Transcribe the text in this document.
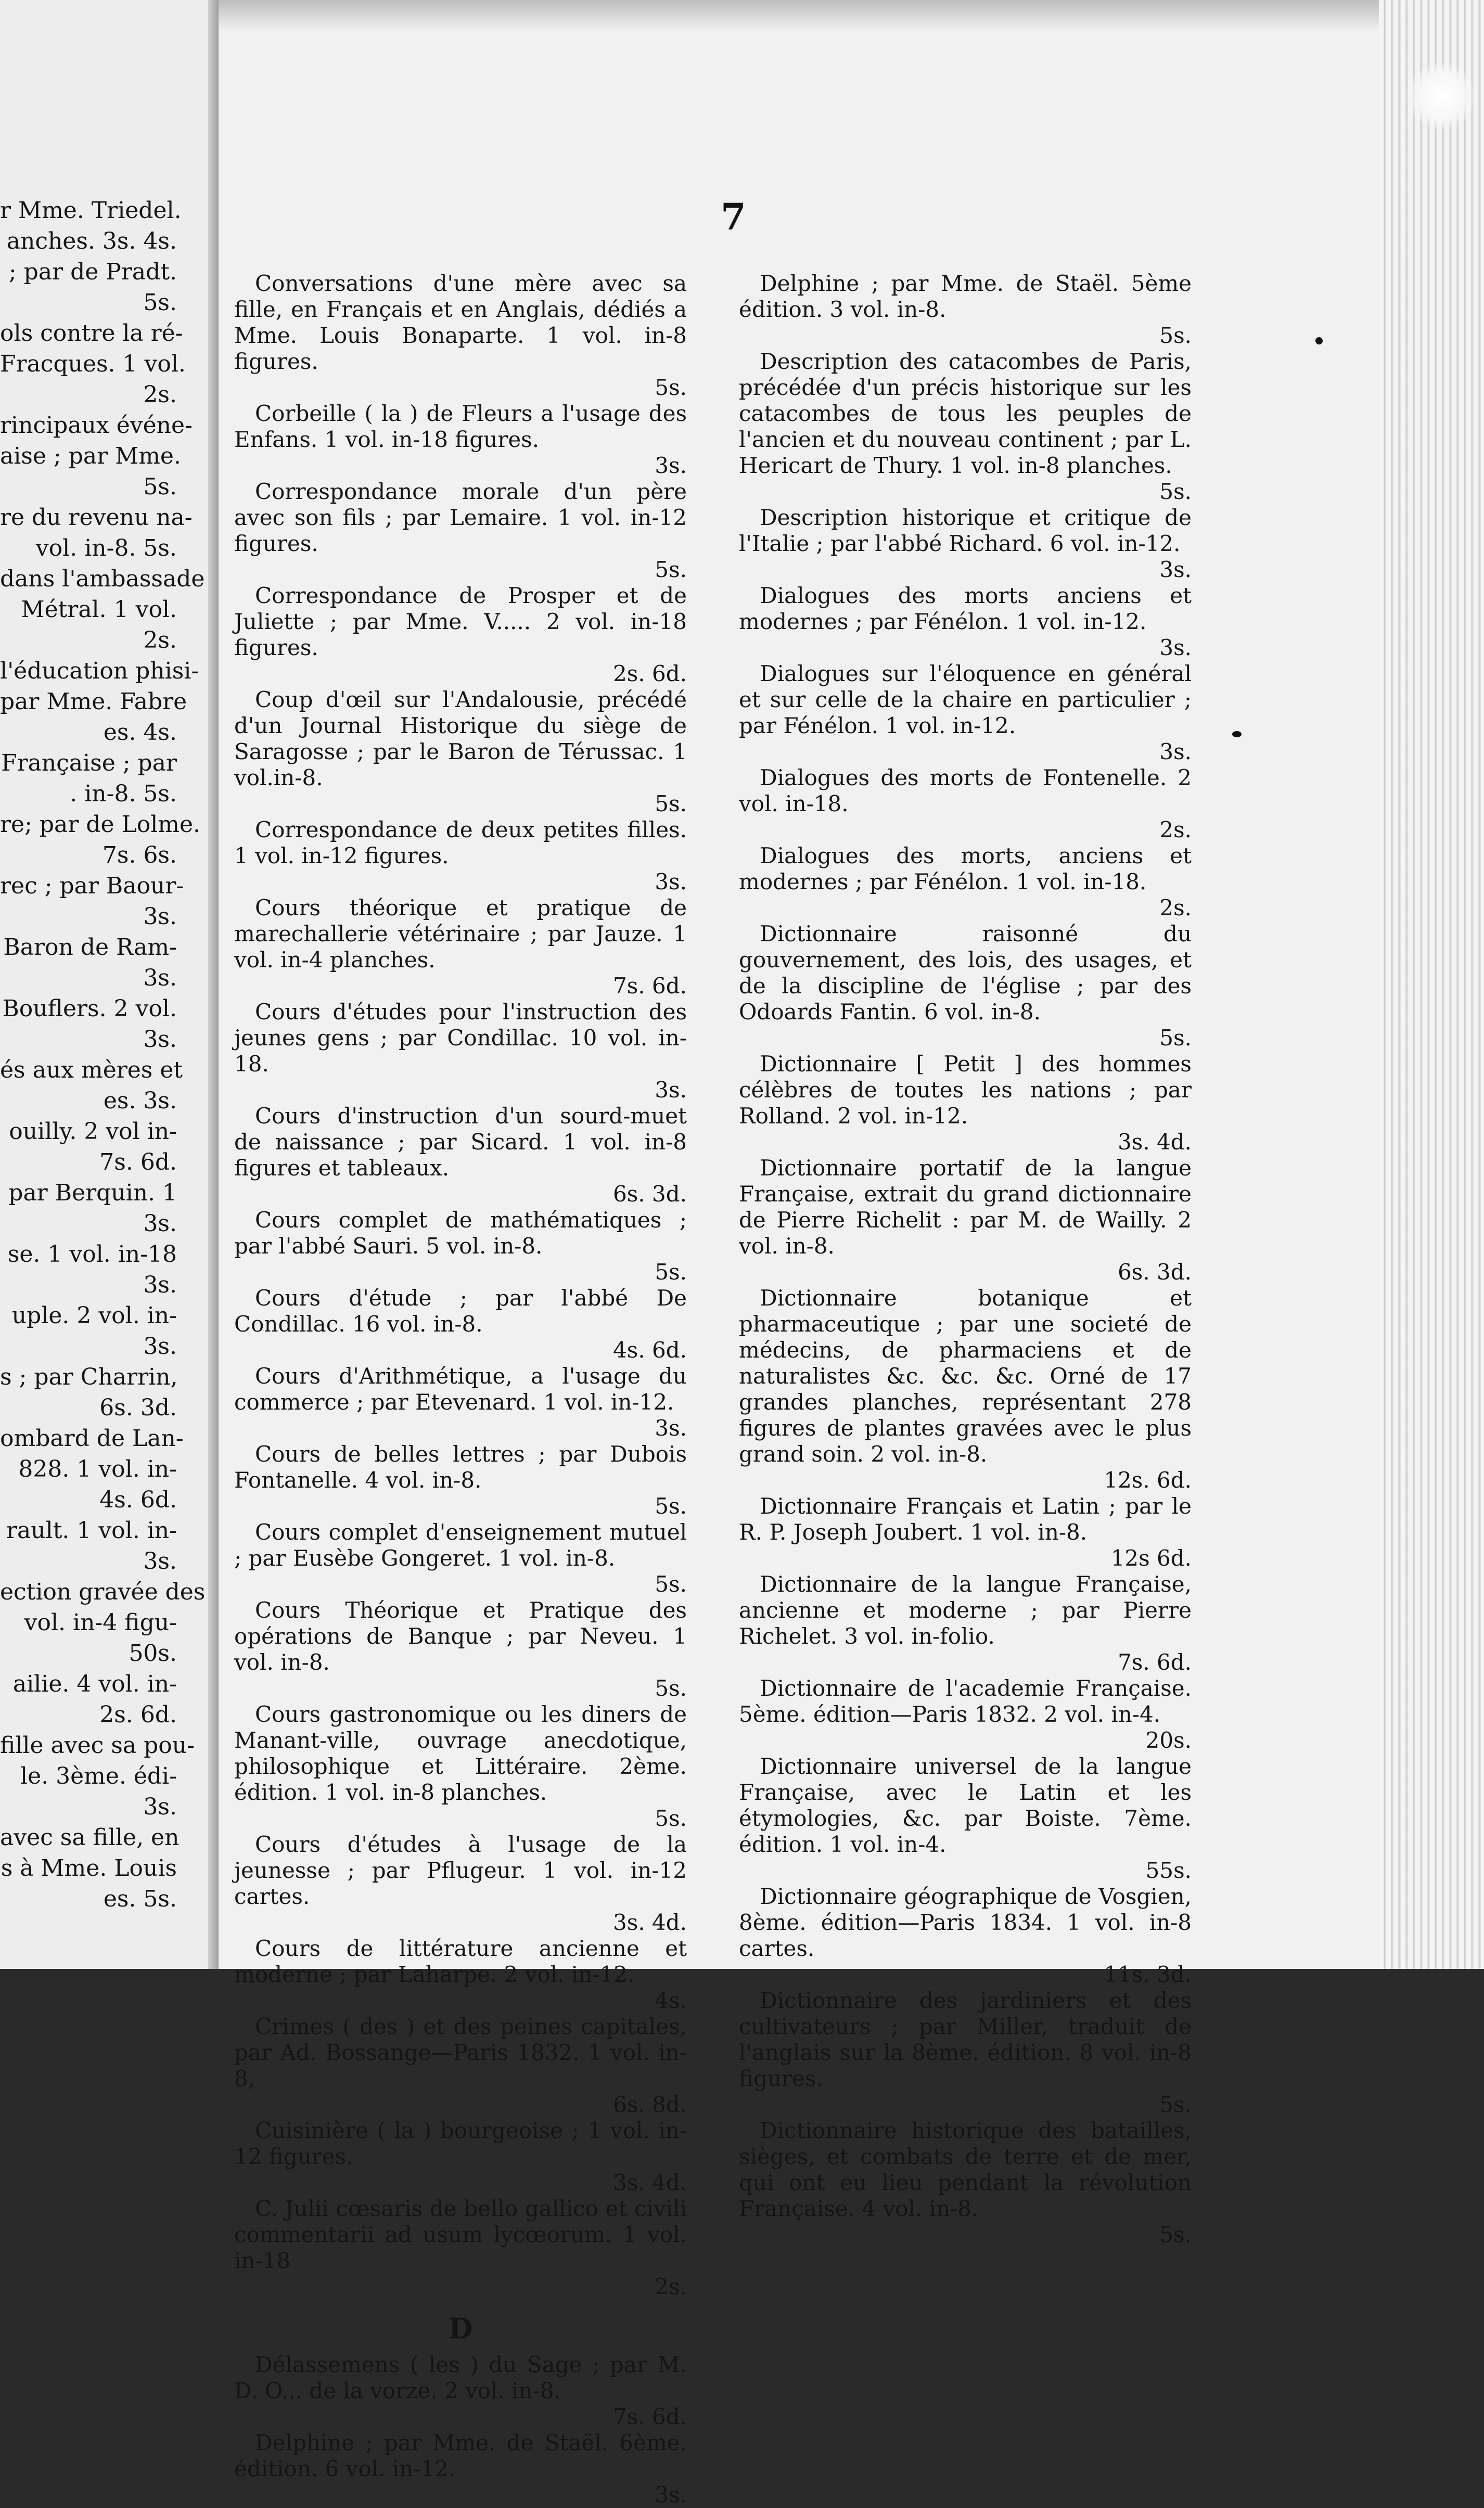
r Mme. Triedel.
anches. 3s. 4s.
; par de Pradt.
5s.
ols contre la ré-
Fracques. 1 vol.
2s.
rincipaux événe-
aise ; par Mme.
5s.
re du revenu na-
vol. in-8. 5s.
dans l'ambassade
Métral. 1 vol.
2s.
l'éducation phisi-
par Mme. Fabre
es. 4s.
Française ; par
. in-8. 5s.
re; par de Lolme.
7s. 6s.
rec ; par Baour-
3s.
Baron de Ram-
3s.
Bouflers. 2 vol.
3s.
és aux mères et
es. 3s.
ouilly. 2 vol in-
7s. 6d.
par Berquin. 1
3s.
se. 1 vol. in-18
3s.
uple. 2 vol. in-
3s.
s ; par Charrin,
6s. 3d.
ombard de Lan-
828. 1 vol. in-
4s. 6d.
rault. 1 vol. in-
3s.
ection gravée des
vol. in-4 figu-
50s.
ailie. 4 vol. in-
2s. 6d.
fille avec sa pou-
le. 3ème. édi-
3s.
avec sa fille, en
s à Mme. Louis
es. 5s.
7
Conversations d'une mère avec sa fille, en Français et en Anglais, dédiés a Mme. Louis Bonaparte. 1 vol. in-8 figures.
5s.
Corbeille ( la ) de Fleurs a l'usage des Enfans. 1 vol. in-18 figures.
3s.
Correspondance morale d'un père avec son fils ; par Lemaire. 1 vol. in-12 figures.
5s.
Correspondance de Prosper et de Juliette ; par Mme. V..... 2 vol. in-18 figures.
2s. 6d.
Coup d'œil sur l'Andalousie, précédé d'un Journal Historique du siège de Saragosse ; par le Baron de Térussac. 1 vol.in-8.
5s.
Correspondance de deux petites filles. 1 vol. in-12 figures.
3s.
Cours théorique et pratique de marechallerie vétérinaire ; par Jauze. 1 vol. in-4 planches.
7s. 6d.
Cours d'études pour l'instruction des jeunes gens ; par Condillac. 10 vol. in-18.
3s.
Cours d'instruction d'un sourd-muet de naissance ; par Sicard. 1 vol. in-8 figures et tableaux.
6s. 3d.
Cours complet de mathématiques ; par l'abbé Sauri. 5 vol. in-8.
5s.
Cours d'étude ; par l'abbé De Condillac. 16 vol. in-8.
4s. 6d.
Cours d'Arithmétique, a l'usage du commerce ; par Etevenard. 1 vol. in-12.
3s.
Cours de belles lettres ; par Dubois Fontanelle. 4 vol. in-8.
5s.
Cours complet d'enseignement mutuel ; par Eusèbe Gongeret. 1 vol. in-8.
5s.
Cours Théorique et Pratique des opérations de Banque ; par Neveu. 1 vol. in-8.
5s.
Cours gastronomique ou les diners de Manant-ville, ouvrage anecdotique, philosophique et Littéraire. 2ème. édition. 1 vol. in-8 planches.
5s.
Cours d'études à l'usage de la jeunesse ; par Pflugeur. 1 vol. in-12 cartes.
3s. 4d.
Cours de littérature ancienne et moderne ; par Laharpe. 2 vol. in-12.
4s.
Crimes ( des ) et des peines capitales, par Ad. Bossange—Paris 1832. 1 vol. in-8,
6s. 8d.
Cuisinière ( la ) bourgeoise ; 1 vol. in-12 figures.
3s. 4d.
C. Julii cœsaris de bello gallico et civili commentarii ad usum lycœorum. 1 vol. in-18
2s.
D
Délassemens ( les ) du Sage ; par M. D. O... de la vorze. 2 vol. in-8.
7s. 6d.
Delphine ; par Mme. de Staël. 6ème. édition. 6 vol. in-12.
3s.
Delphine ; par Mme. de Staël. 5ème édition. 3 vol. in-8.
5s.
Description des catacombes de Paris, précédée d'un précis historique sur les catacombes de tous les peuples de l'ancien et du nouveau continent ; par L. Hericart de Thury. 1 vol. in-8 planches.
5s.
Description historique et critique de l'Italie ; par l'abbé Richard. 6 vol. in-12.
3s.
Dialogues des morts anciens et modernes ; par Fénélon. 1 vol. in-12.
3s.
Dialogues sur l'éloquence en général et sur celle de la chaire en particulier ; par Fénélon. 1 vol. in-12.
3s.
Dialogues des morts de Fontenelle. 2 vol. in-18.
2s.
Dialogues des morts, anciens et modernes ; par Fénélon. 1 vol. in-18.
2s.
Dictionnaire raisonné du gouvernement, des lois, des usages, et de la discipline de l'église ; par des Odoards Fantin. 6 vol. in-8.
5s.
Dictionnaire [ Petit ] des hommes célèbres de toutes les nations ; par Rolland. 2 vol. in-12.
3s. 4d.
Dictionnaire portatif de la langue Française, extrait du grand dictionnaire de Pierre Richelit : par M. de Wailly. 2 vol. in-8.
6s. 3d.
Dictionnaire botanique et pharmaceutique ; par une societé de médecins, de pharmaciens et de naturalistes &c. &c. &c. Orné de 17 grandes planches, représentant 278 figures de plantes gravées avec le plus grand soin. 2 vol. in-8.
12s. 6d.
Dictionnaire Français et Latin ; par le R. P. Joseph Joubert. 1 vol. in-8.
12s 6d.
Dictionnaire de la langue Française, ancienne et moderne ; par Pierre Richelet. 3 vol. in-folio.
7s. 6d.
Dictionnaire de l'academie Française. 5ème. édition—Paris 1832. 2 vol. in-4.
20s.
Dictionnaire universel de la langue Française, avec le Latin et les étymologies, &c. par Boiste. 7ème. édition. 1 vol. in-4.
55s.
Dictionnaire géographique de Vosgien, 8ème. édition—Paris 1834. 1 vol. in-8 cartes.
11s. 3d.
Dictionnaire des jardiniers et des cultivateurs ; par Miller, traduit de l'anglais sur la 8ème. édition. 8 vol. in-8 figures.
5s.
Dictionnaire historique des batailles, sièges, et combats de terre et de mer, qui ont eu lieu pendant la révolution Française. 4 vol. in-8.
5s.
